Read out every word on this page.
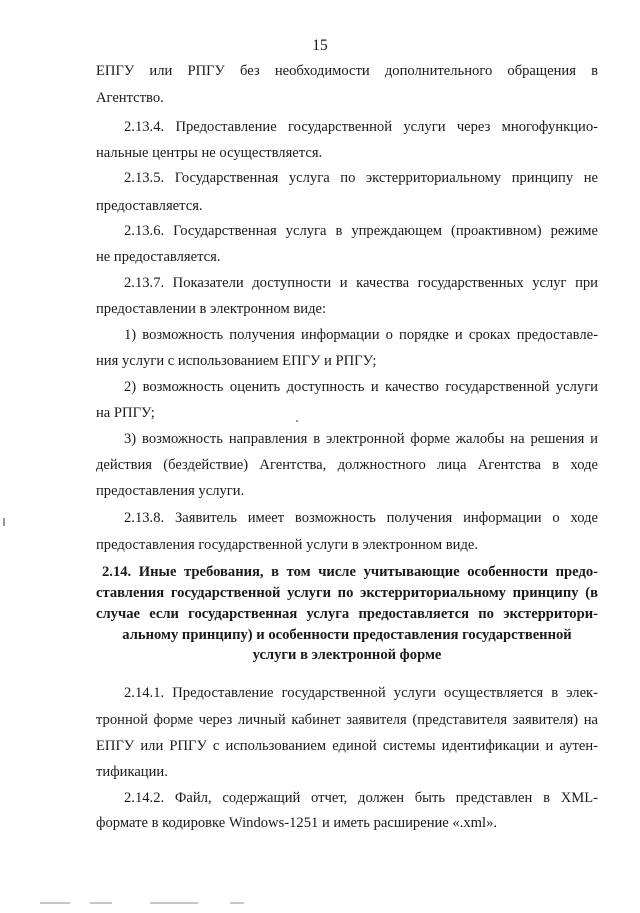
15
ЕПГУ или РПГУ без необходимости дополнительного обращения в
Агентство.
2.13.4. Предоставление государственной услуги через многофункцио-
нальные центры не осуществляется.
2.13.5. Государственная услуга по экстерриториальному принципу не
предоставляется.
2.13.6. Государственная услуга в упреждающем (проактивном) режиме
не предоставляется.
2.13.7. Показатели доступности и качества государственных услуг при
предоставлении в электронном виде:
1) возможность получения информации о порядке и сроках предоставле-
ния услуги с использованием ЕПГУ и РПГУ;
2) возможность оценить доступность и качество государственной услуги
на РПГУ;
3) возможность направления в электронной форме жалобы на решения и
действия (бездействие) Агентства, должностного лица Агентства в ходе
предоставления услуги.
2.13.8. Заявитель имеет возможность получения информации о ходе
предоставления государственной услуги в электронном виде.
2.14. Иные требования, в том числе учитывающие особенности предо-
ставления государственной услуги по экстерриториальному принципу (в
случае если государственная услуга предоставляется по экстерритори-
альному принципу) и особенности предоставления государственной
услуги в электронной форме
2.14.1. Предоставление государственной услуги осуществляется в элек-
тронной форме через личный кабинет заявителя (представителя заявителя) на
ЕПГУ или РПГУ с использованием единой системы идентификации и аутен-
тификации.
2.14.2. Файл, содержащий отчет, должен быть представлен в XML-
формате в кодировке Windows-1251 и иметь расширение «.xml».
